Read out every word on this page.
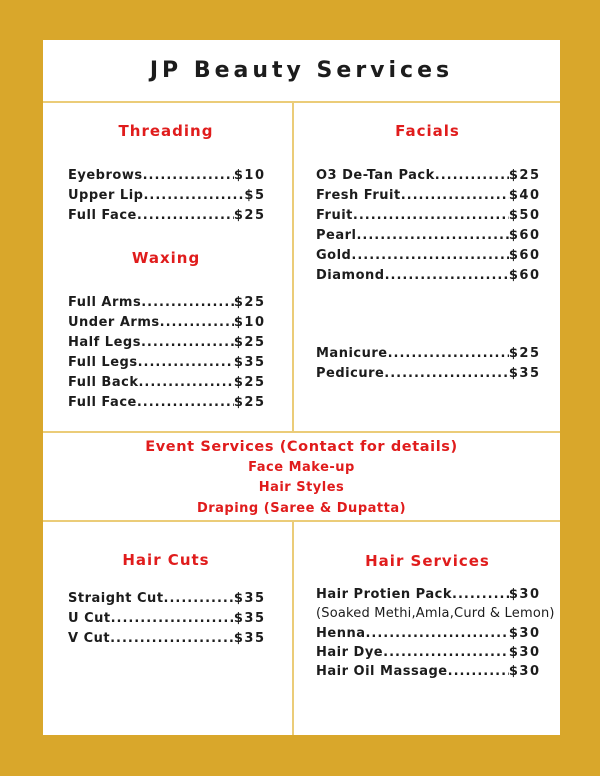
JP Beauty Services
Threading
Eyebrows .....	$10
Upper Lip .....	$5
Full Face .....	$25
Waxing
Full Arms .....	$25
Under Arms .....	$10
Half Legs .....	$25
Full Legs .....	$35
Full Back .....	$25
Full Face .....	$25
Facials
O3 De-Tan Pack .....	$25
Fresh Fruit .....	$40
Fruit .....	$50
Pearl .....	$60
Gold .....	$60
Diamond .....	$60
Manicure .....	$25
Pedicure .....	$35
Event Services (Contact for details)
Face Make-up
Hair Styles
Draping (Saree & Dupatta)
Hair Cuts
Straight Cut .....	$35
U Cut .....	$35
V Cut .....	$35
Hair Services
Hair Protien Pack .....	$30
(Soaked Methi,Amla,Curd & Lemon)
Henna .....	$30
Hair Dye .....	$30
Hair Oil Massage .....	$30
